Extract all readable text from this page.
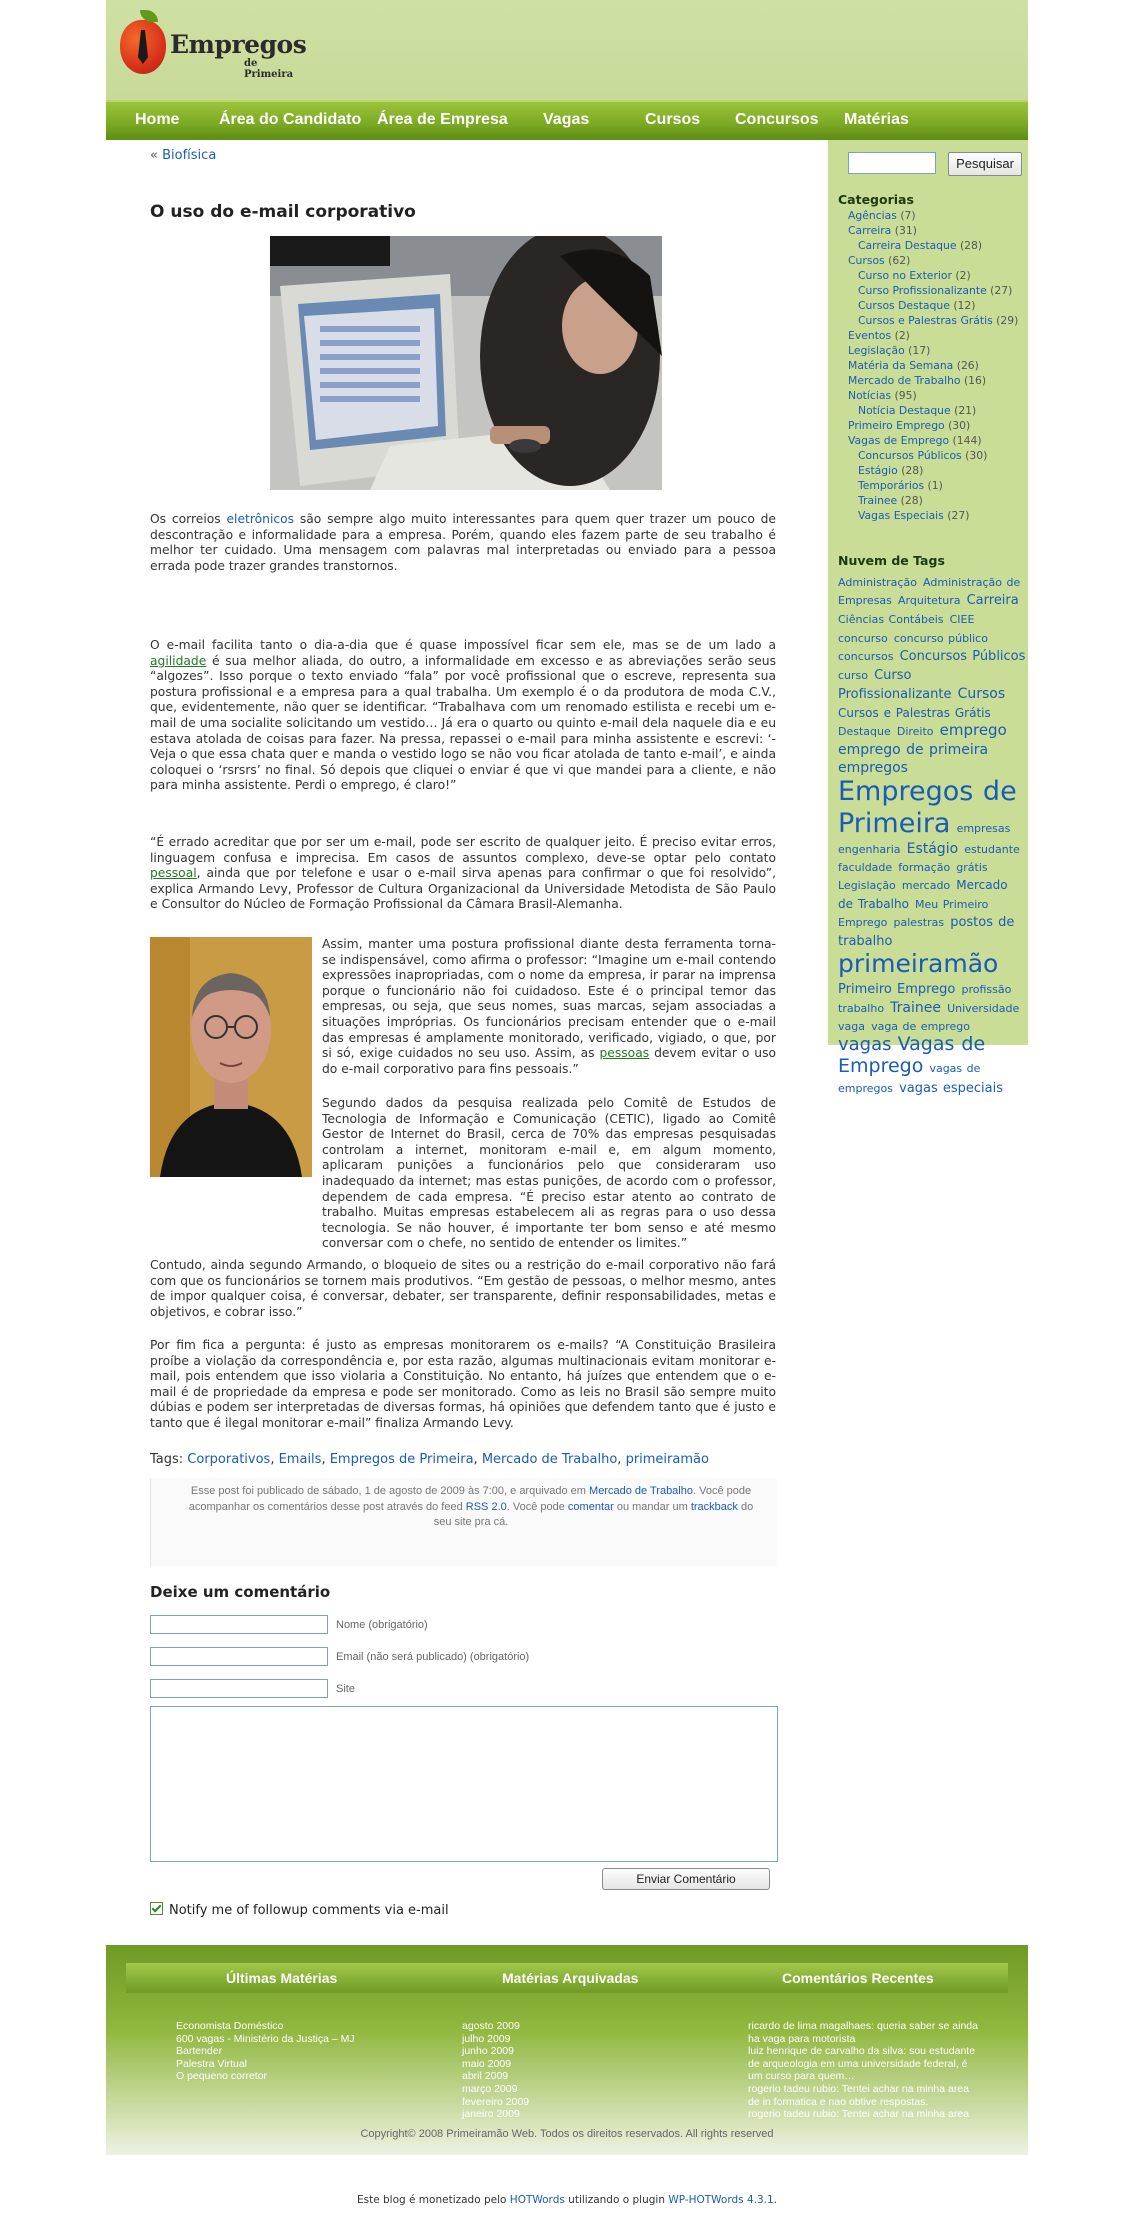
Empregos
de Primeira
Home Área do Candidato Área de Empresa Vagas	Cursos Concursos Matérias
« Biofísica
O uso do e-mail corporativo

Os correios eletrônicos são sempre algo muito interessantes para quem quer trazer um pouco de descontração e informalidade para a empresa. Porém, quando eles fazem parte de seu trabalho é melhor ter cuidado. Uma mensagem com palavras mal interpretadas ou enviado para a pessoa errada pode trazer grandes transtornos.

O e-mail facilita tanto o dia-a-dia que é quase impossível ficar sem ele, mas se de um lado a agilidade é sua melhor aliada, do outro, a informalidade em excesso e as abreviações serão seus “algozes”. Isso porque o texto enviado “fala” por você profissional que o escreve, representa sua postura profissional e a empresa para a qual trabalha. Um exemplo é o da produtora de moda C.V., que, evidentemente, não quer se identificar. “Trabalhava com um renomado estilista e recebi um e-mail de uma socialite solicitando um vestido… Já era o quarto ou quinto e-mail dela naquele dia e eu estava atolada de coisas para fazer. Na pressa, repassei o e-mail para minha assistente e escrevi: ‘- Veja o que essa chata quer e manda o vestido logo se não vou ficar atolada de tanto e-mail’, e ainda coloquei o ‘rsrsrs’ no final. Só depois que cliquei o enviar é que vi que mandei para a cliente, e não para minha assistente. Perdi o emprego, é claro!”

“É errado acreditar que por ser um e-mail, pode ser escrito de qualquer jeito. É preciso evitar erros, linguagem confusa e imprecisa. Em casos de assuntos complexo, deve-se optar pelo contato pessoal, ainda que por telefone e usar o e-mail sirva apenas para confirmar o que foi resolvido”, explica Armando Levy, Professor de Cultura Organizacional da Universidade Metodista de São Paulo e Consultor do Núcleo de Formação Profissional da Câmara Brasil-Alemanha.

Assim, manter uma postura profissional diante desta ferramenta torna-se indispensável, como afirma o professor: “Imagine um e-mail contendo expressões inapropriadas, com o nome da empresa, ir parar na imprensa porque o funcionário não foi cuidadoso. Este é o principal temor das empresas, ou seja, que seus nomes, suas marcas, sejam associadas a situações impróprias. Os funcionários precisam entender que o e-mail das empresas é amplamente monitorado, verificado, vigiado, o que, por si só, exige cuidados no seu uso. Assim, as pessoas devem evitar o uso do e-mail corporativo para fins pessoais.”

Segundo dados da pesquisa realizada pelo Comitê de Estudos de Tecnologia de Informação e Comunicação (CETIC), ligado ao Comitê Gestor de Internet do Brasil, cerca de 70% das empresas pesquisadas controlam a internet, monitoram e-mail e, em algum momento, aplicaram punições a funcionários pelo que consideraram uso inadequado da internet; mas estas punições, de acordo com o professor, dependem de cada empresa. “É preciso estar atento ao contrato de trabalho. Muitas empresas estabelecem ali as regras para o uso dessa tecnologia. Se não houver, é importante ter bom senso e até mesmo conversar com o chefe, no sentido de entender os limites.”

Contudo, ainda segundo Armando, o bloqueio de sites ou a restrição do e-mail corporativo não fará com que os funcionários se tornem mais produtivos. “Em gestão de pessoas, o melhor mesmo, antes de impor qualquer coisa, é conversar, debater, ser transparente, definir responsabilidades, metas e objetivos, e cobrar isso.”

Por fim fica a pergunta: é justo as empresas monitorarem os e-mails? “A Constituição Brasileira proíbe a violação da correspondência e, por esta razão, algumas multinacionais evitam monitorar e-mail, pois entendem que isso violaria a Constituição. No entanto, há juízes que entendem que o e-mail é de propriedade da empresa e pode ser monitorado. Como as leis no Brasil são sempre muito dúbias e podem ser interpretadas de diversas formas, há opiniões que defendem tanto que é justo e tanto que é ilegal monitorar e-mail” finaliza Armando Levy.

Tags: Corporativos, Emails, Empregos de Primeira, Mercado de Trabalho, primeiramão
Esse post foi publicado de sábado, 1 de agosto de 2009 às 7:00, e arquivado em Mercado de Trabalho. Você pode acompanhar os comentários desse post através do feed RSS 2.0. Você pode comentar ou mandar um trackback do seu site pra cá.
Deixe um comentário
Nome (obrigatório)
Email (não será publicado) (obrigatório)
Site
Enviar Comentário
Notify me of followup comments via e-mail
Pesquisar
Categorias
Agências (7)
Carreira (31)
Carreira Destaque (28)
Cursos (62)
Curso no Exterior (2)
Curso Profissionalizante (27)
Cursos Destaque (12)
Cursos e Palestras Grátis (29)
Eventos (2)
Legislação (17)
Matéria da Semana (26)
Mercado de Trabalho (16)
Notícias (95)
Notícia Destaque (21)
Primeiro Emprego (30)
Vagas de Emprego (144)
Concursos Públicos (30)
Estágio (28)
Temporários (1)
Trainee (28)
Vagas Especiais (27)
Nuvem de Tags
Administração Administração de Empresas Arquitetura Carreira Ciências Contábeis CIEE concurso concurso público concursos Concursos Públicos curso Curso Profissionalizante Cursos Cursos e Palestras Grátis Destaque Direito emprego emprego de primeira empregos Empregos de Primeira empresas engenharia Estágio estudante faculdade formação grátis Legislação mercado Mercado de Trabalho Meu Primeiro Emprego palestras postos de trabalho primeiramão Primeiro Emprego profissão trabalho Trainee Universidade vaga vaga de emprego vagas Vagas de Emprego vagas de empregos vagas especiais
Últimas Matérias	Matérias Arquivadas	Comentários Recentes
Economista Doméstico
600 vagas - Ministério da Justiça – MJ
Bartender
Palestra Virtual
O pequeno corretor
agosto 2009
julho 2009
junho 2009
maio 2009
abril 2009
março 2009
fevereiro 2009
janeiro 2009
ricardo de lima magalhaes: queria saber se ainda
ha vaga para motorista
luiz henrique de carvalho da silva: sou estudante
de arqueologia em uma universidade federal, é
um curso para quem…
rogerio tadeu rubio: Tentei achar na minha area
de in formatica e nao obtive respostas.
rogerio tadeu rubio: Tentei achar na minha area
Copyright© 2008 Primeiramão Web. Todos os direitos reservados. All rights reserved
Este blog é monetizado pelo HOTWords utilizando o plugin WP-HOTWords 4.3.1.
